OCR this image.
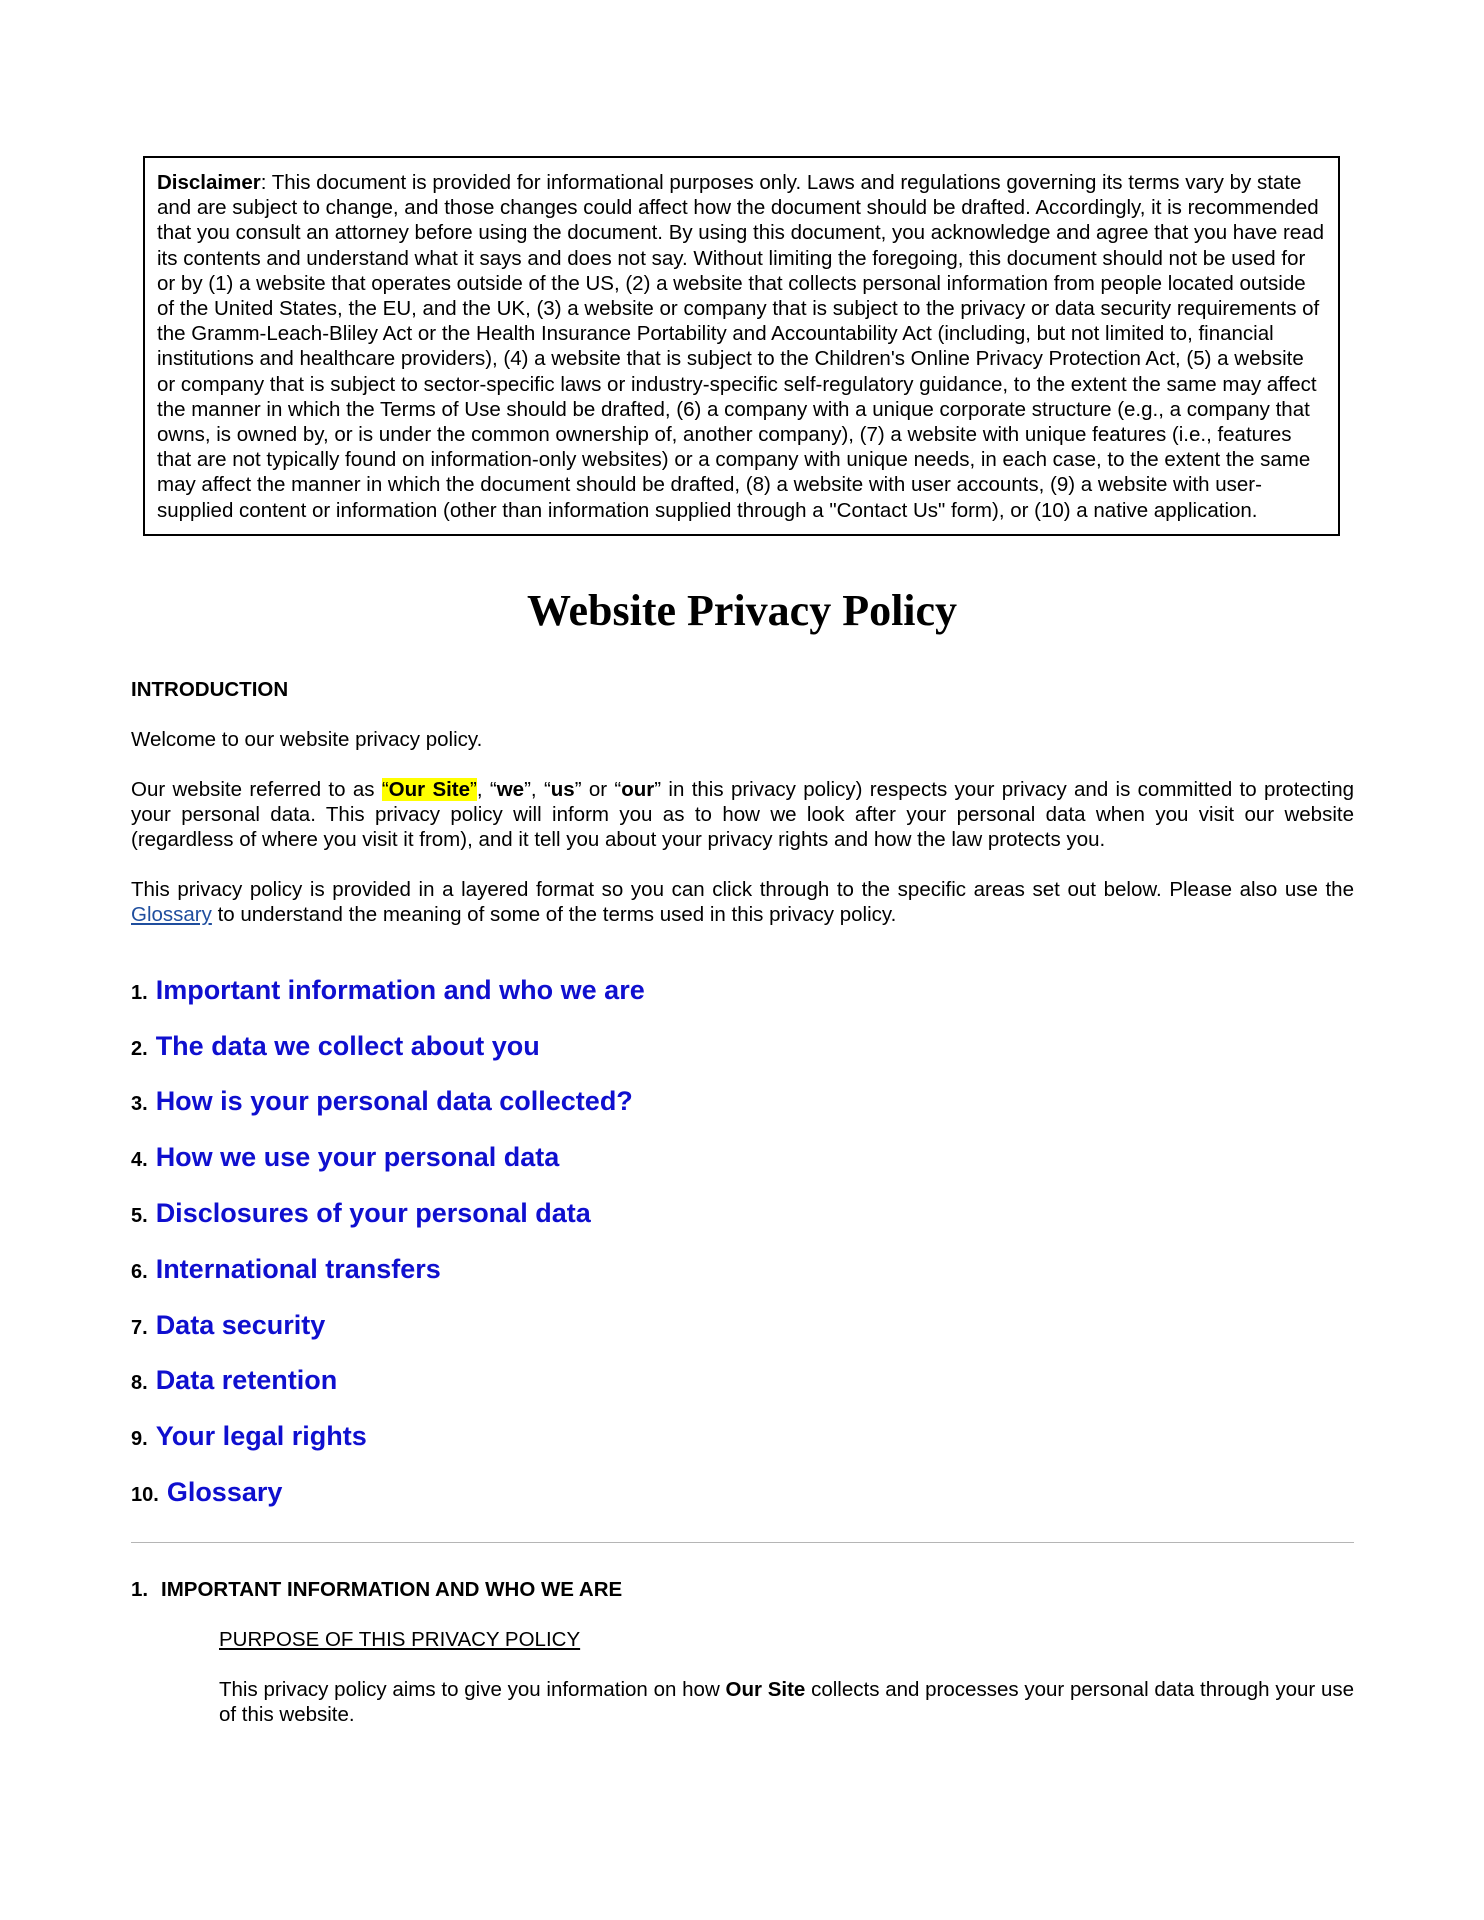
Disclaimer: This document is provided for informational purposes only. Laws and regulations governing its terms vary by state and are subject to change, and those changes could affect how the document should be drafted. Accordingly, it is recommended that you consult an attorney before using the document. By using this document, you acknowledge and agree that you have read its contents and understand what it says and does not say. Without limiting the foregoing, this document should not be used for or by (1) a website that operates outside of the US, (2) a website that collects personal information from people located outside of the United States, the EU, and the UK, (3) a website or company that is subject to the privacy or data security requirements of the Gramm-Leach-Bliley Act or the Health Insurance Portability and Accountability Act (including, but not limited to, financial institutions and healthcare providers), (4) a website that is subject to the Children's Online Privacy Protection Act, (5) a website or company that is subject to sector-specific laws or industry-specific self-regulatory guidance, to the extent the same may affect the manner in which the Terms of Use should be drafted, (6) a company with a unique corporate structure (e.g., a company that owns, is owned by, or is under the common ownership of, another company), (7) a website with unique features (i.e., features that are not typically found on information-only websites) or a company with unique needs, in each case, to the extent the same may affect the manner in which the document should be drafted, (8) a website with user accounts, (9) a website with user-supplied content or information (other than information supplied through a "Contact Us" form), or (10) a native application.
Website Privacy Policy
INTRODUCTION
Welcome to our website privacy policy.
Our website referred to as “Our Site”, “we”, “us” or “our” in this privacy policy) respects your privacy and is committed to protecting your personal data. This privacy policy will inform you as to how we look after your personal data when you visit our website (regardless of where you visit it from), and it tell you about your privacy rights and how the law protects you.
This privacy policy is provided in a layered format so you can click through to the specific areas set out below. Please also use the Glossary to understand the meaning of some of the terms used in this privacy policy.
1. Important information and who we are
2. The data we collect about you
3. How is your personal data collected?
4. How we use your personal data
5. Disclosures of your personal data
6. International transfers
7. Data security
8. Data retention
9. Your legal rights
10. Glossary
1. IMPORTANT INFORMATION AND WHO WE ARE
PURPOSE OF THIS PRIVACY POLICY
This privacy policy aims to give you information on how Our Site collects and processes your personal data through your use of this website.
